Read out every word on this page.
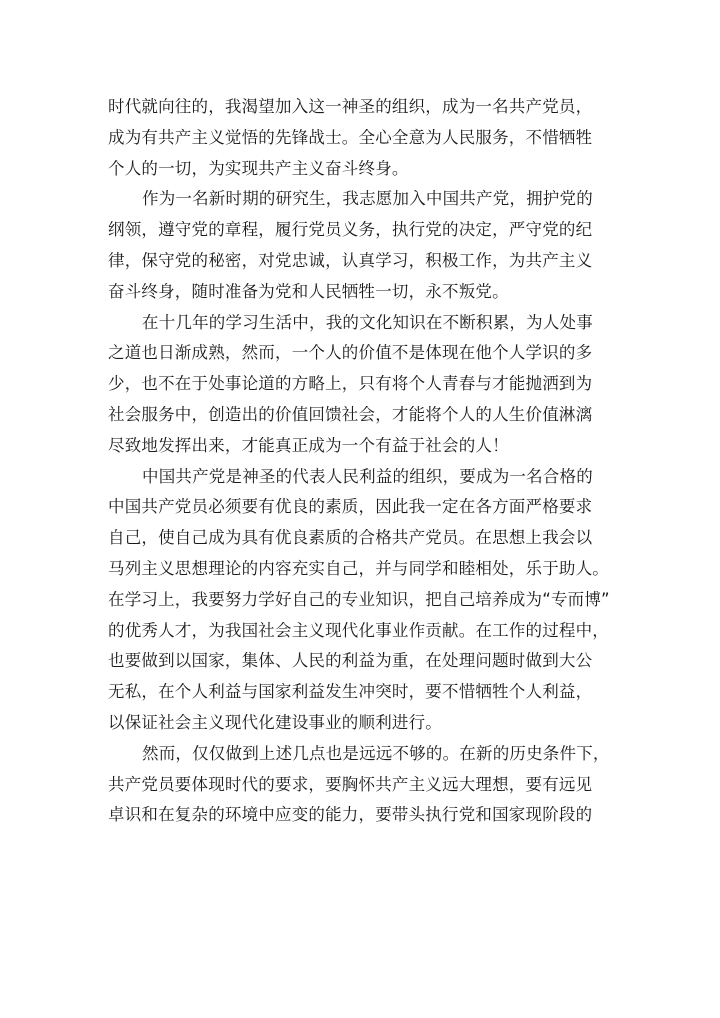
时代就向往的，我渴望加入这一神圣的组织，成为一名共产党员，
成为有共产主义觉悟的先锋战士。全心全意为人民服务，不惜牺牲
个人的一切，为实现共产主义奋斗终身。
作为一名新时期的研究生，我志愿加入中国共产党，拥护党的
纲领，遵守党的章程，履行党员义务，执行党的决定，严守党的纪
律，保守党的秘密，对党忠诚，认真学习，积极工作，为共产主义
奋斗终身，随时准备为党和人民牺牲一切，永不叛党。
在十几年的学习生活中，我的文化知识在不断积累，为人处事
之道也日渐成熟，然而，一个人的价值不是体现在他个人学识的多
少，也不在于处事论道的方略上，只有将个人青春与才能抛洒到为
社会服务中，创造出的价值回馈社会，才能将个人的人生价值淋漓
尽致地发挥出来，才能真正成为一个有益于社会的人！
中国共产党是神圣的代表人民利益的组织，要成为一名合格的
中国共产党员必须要有优良的素质，因此我一定在各方面严格要求
自己，使自己成为具有优良素质的合格共产党员。在思想上我会以
马列主义思想理论的内容充实自己，并与同学和睦相处，乐于助人。
在学习上，我要努力学好自己的专业知识，把自己培养成为“专而博”
的优秀人才，为我国社会主义现代化事业作贡献。在工作的过程中，
也要做到以国家，集体、人民的利益为重，在处理问题时做到大公
无私，在个人利益与国家利益发生冲突时，要不惜牺牲个人利益，
以保证社会主义现代化建设事业的顺利进行。
然而，仅仅做到上述几点也是远远不够的。在新的历史条件下，
共产党员要体现时代的要求，要胸怀共产主义远大理想，要有远见
卓识和在复杂的环境中应变的能力，要带头执行党和国家现阶段的
